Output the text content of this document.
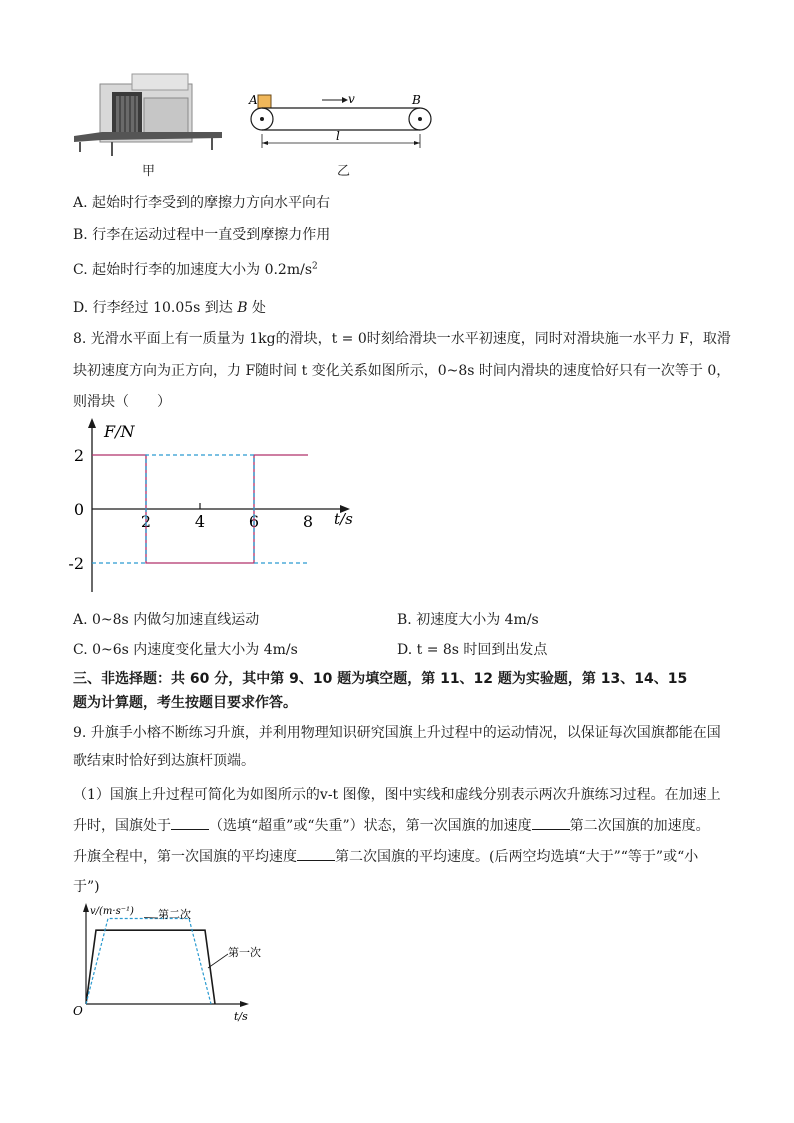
甲
A	v	B
l
乙
A. 起始时行李受到的摩擦力方向水平向右
B. 行李在运动过程中一直受到摩擦力作用
C. 起始时行李的加速度大小为 $0.2m/s^2$
D. 行李经过 10.05s 到达 B 处
8. 光滑水平面上有一质量为 1kg的滑块，t = 0时刻给滑块一水平初速度，同时对滑块施一水平力 F，取滑
块初速度方向为正方向，力 F随时间 t 变化关系如图所示，0~8s 时间内滑块的速度恰好只有一次等于 0，
则滑块（　　）
F/N
t/s
2
0
-2
2	4	6	8
A. 0~8s 内做匀加速直线运动	B. 初速度大小为 4m/s
C. 0~6s 内速度变化量大小为 4m/s	D. t = 8s 时回到出发点
三、非选择题：共 60 分，其中第 9、10 题为填空题，第 11、12 题为实验题，第 13、14、15
题为计算题，考生按题目要求作答。
9. 升旗手小榕不断练习升旗，并利用物理知识研究国旗上升过程中的运动情况，以保证每次国旗都能在国
歌结束时恰好到达旗杆顶端。
（1）国旗上升过程可简化为如图所示的v-t 图像，图中实线和虚线分别表示两次升旗练习过程。在加速上
升时，国旗处于	（选填“超重”或“失重”）状态，第一次国旗的加速度	第二次国旗的加速度。
升旗全程中，第一次国旗的平均速度	第二次国旗的平均速度。(后两空均选填“大于”“等于”或“小
于”)
v/(m·s⁻¹)
t/s
O
第二次
第一次
